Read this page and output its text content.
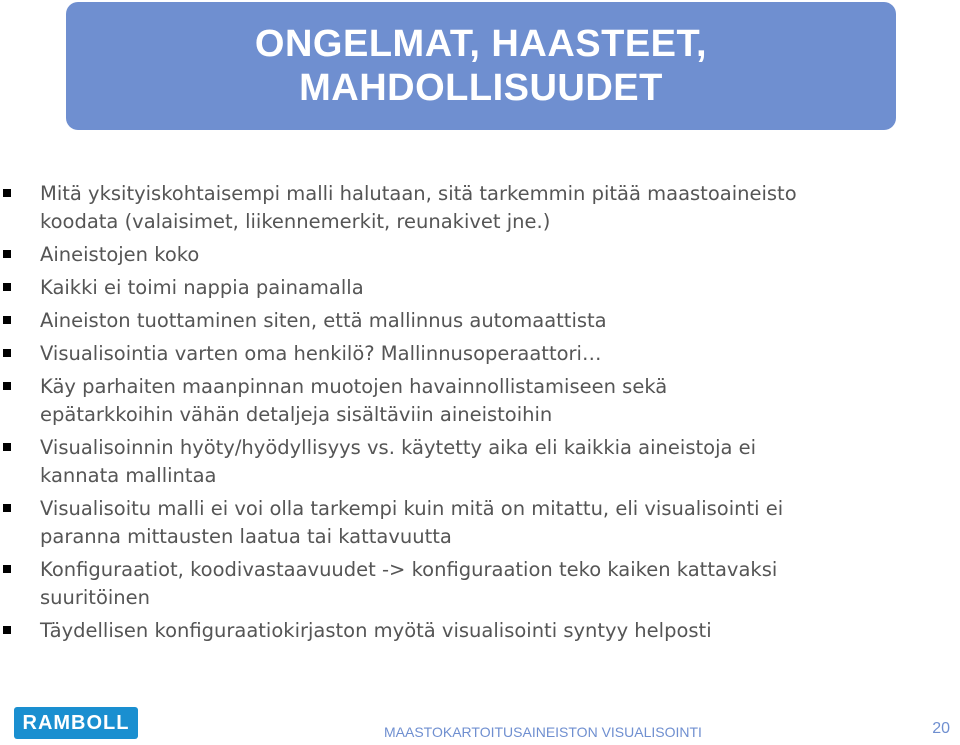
ONGELMAT, HAASTEET,
MAHDOLLISUUDET
Mitä yksityiskohtaisempi malli halutaan, sitä tarkemmin pitää maastoaineisto
koodata (valaisimet, liikennemerkit, reunakivet jne.)
Aineistojen koko
Kaikki ei toimi nappia painamalla
Aineiston tuottaminen siten, että mallinnus automaattista
Visualisointia varten oma henkilö? Mallinnusoperaattori…
Käy parhaiten maanpinnan muotojen havainnollistamiseen sekä
epätarkkoihin vähän detaljeja sisältäviin aineistoihin
Visualisoinnin hyöty/hyödyllisyys vs. käytetty aika eli kaikkia aineistoja ei
kannata mallintaa
Visualisoitu malli ei voi olla tarkempi kuin mitä on mitattu, eli visualisointi ei
paranna mittausten laatua tai kattavuutta
Konfiguraatiot, koodivastaavuudet -> konfiguraation teko kaiken kattavaksi
suuritöinen
Täydellisen konfiguraatiokirjaston myötä visualisointi syntyy helposti
RAMBOLL	MAASTOKARTOITUSAINEISTON VISUALISOINTI	20
